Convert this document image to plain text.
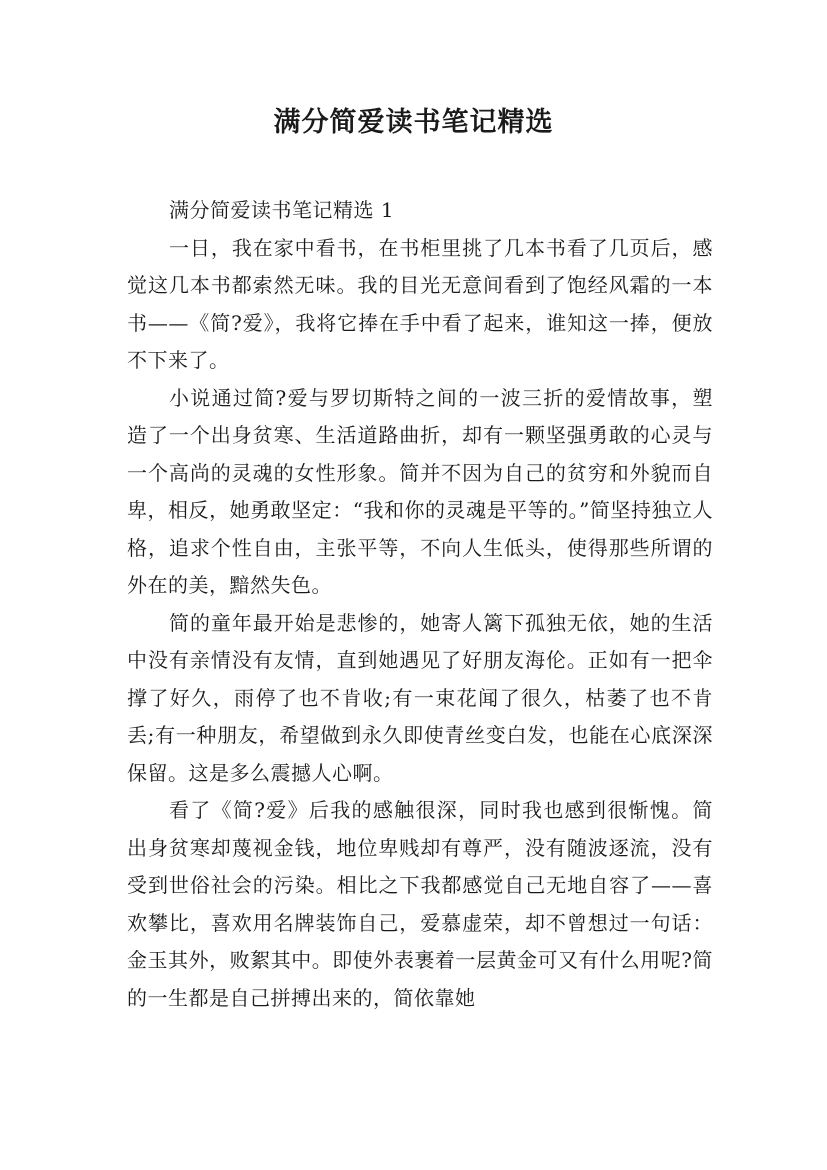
满分简爱读书笔记精选

满分简爱读书笔记精选 1

一日，我在家中看书，在书柜里挑了几本书看了几页后，感觉这几本书都索然无味。我的目光无意间看到了饱经风霜的一本书——《简?爱》，我将它捧在手中看了起来，谁知这一捧，便放不下来了。

小说通过简?爱与罗切斯特之间的一波三折的爱情故事，塑造了一个出身贫寒、生活道路曲折，却有一颗坚强勇敢的心灵与一个高尚的灵魂的女性形象。简并不因为自己的贫穷和外貌而自卑，相反，她勇敢坚定：“我和你的灵魂是平等的。”简坚持独立人格，追求个性自由，主张平等，不向人生低头，使得那些所谓的外在的美，黯然失色。

简的童年最开始是悲惨的，她寄人篱下孤独无依，她的生活中没有亲情没有友情，直到她遇见了好朋友海伦。正如有一把伞撑了好久，雨停了也不肯收;有一束花闻了很久，枯萎了也不肯丢;有一种朋友，希望做到永久即使青丝变白发，也能在心底深深保留。这是多么震撼人心啊。

看了《简?爱》后我的感触很深，同时我也感到很惭愧。简出身贫寒却蔑视金钱，地位卑贱却有尊严，没有随波逐流，没有受到世俗社会的污染。相比之下我都感觉自己无地自容了——喜欢攀比，喜欢用名牌装饰自己，爱慕虚荣，却不曾想过一句话：金玉其外，败絮其中。即使外表裹着一层黄金可又有什么用呢?简的一生都是自己拼搏出来的，简依靠她
